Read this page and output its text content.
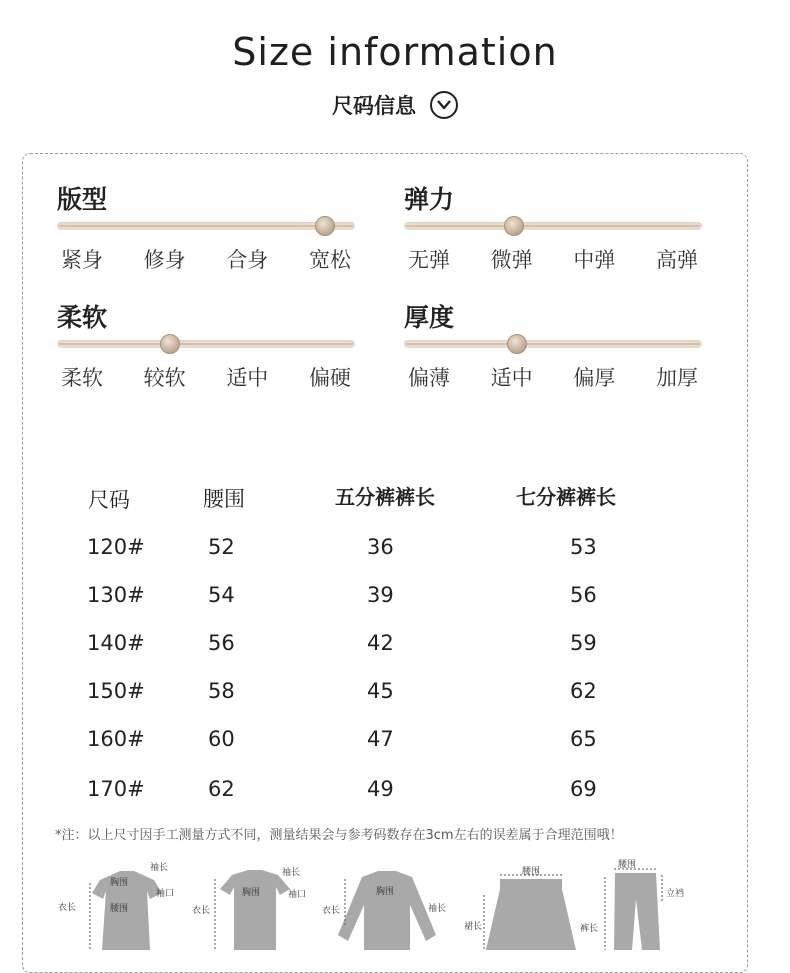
Size information
尺码信息
版型
紧身 修身 合身 宽松
弹力
无弹 微弹 中弹 高弹
柔软
柔软 较软 适中 偏硬
厚度
偏薄 适中 偏厚 加厚
尺码	腰围	五分裤裤长	七分裤裤长
120#	52	36	53
130#	54	39	56
140#	56	42	59
150#	58	45	62
160#	60	47	65
170#	62	49	69
*注：以上尺寸因手工测量方式不同，测量结果会与参考码数存在3cm左右的误差属于合理范围哦！
袖长
胸围
袖口
衣长	腰围
袖长
胸围	袖口
衣长
胸围
衣长	袖长
腰围
裙长
腰围
立裆
裤长
